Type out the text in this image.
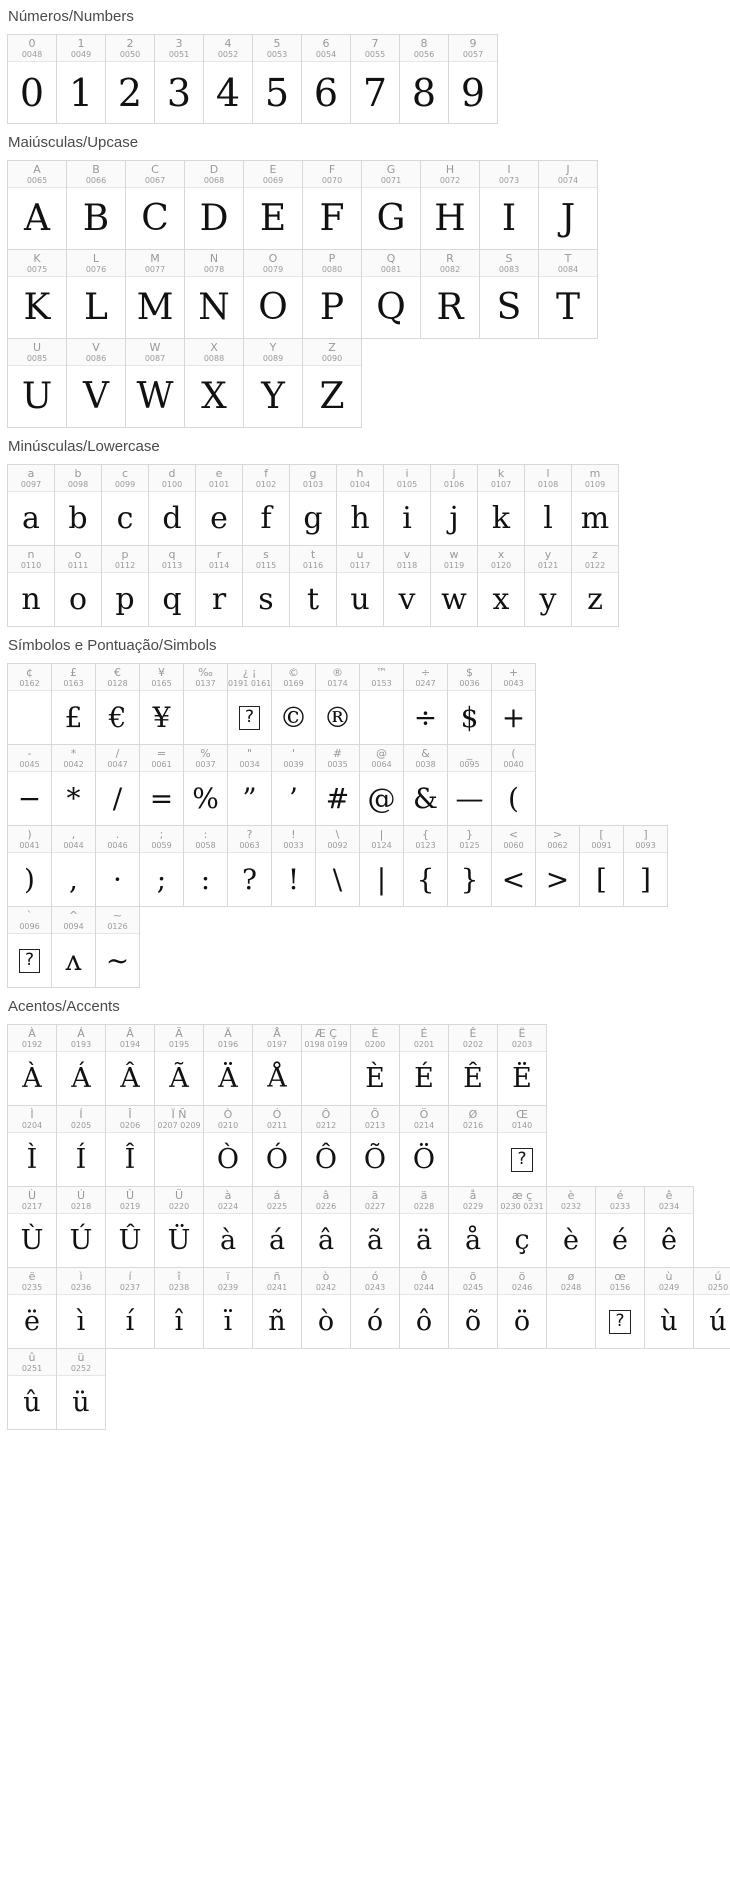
Números/Numbers
0
0048
0
1
0049
1
2
0050
2
3
0051
3
4
0052
4
5
0053
5
6
0054
6
7
0055
7
8
0056
8
9
0057
9
Maiúsculas/Upcase
A
0065
A
B
0066
B
C
0067
C
D
0068
D
E
0069
E
F
0070
F
G
0071
G
H
0072
H
I
0073
I
J
0074
J
K
0075
K
L
0076
L
M
0077
M
N
0078
N
O
0079
O
P
0080
P
Q
0081
Q
R
0082
R
S
0083
S
T
0084
T
U
0085
U
V
0086
V
W
0087
W
X
0088
X
Y
0089
Y
Z
0090
Z
Minúsculas/Lowercase
a
0097
a
b
0098
b
c
0099
c
d
0100
d
e
0101
e
f
0102
f
g
0103
g
h
0104
h
i
0105
i
j
0106
j
k
0107
k
l
0108
l
m
0109
m
n
0110
n
o
0111
o
p
0112
p
q
0113
q
r
0114
r
s
0115
s
t
0116
t
u
0117
u
v
0118
v
w
0119
w
x
0120
x
y
0121
y
z
0122
z
Símbolos e Pontuação/Simbols
¢
0162
£
0163
£
€
0128
€
¥
0165
¥
‰
0137
¿ ¡
0191 0161
?
©
0169
©
®
0174
®
™
0153
÷
0247
÷
$
0036
$
+
0043
+
-
0045
−
*
0042
*
/
0047
/
=
0061
=
%
0037
%
"
0034
”
'
0039
’
#
0035
#
@
0064
@
&
0038
&
_
0095
—
(
0040
(
)
0041
)
,
0044
,
.
0046
·
;
0059
;
:
0058
:
?
0063
?
!
0033
!
\
0092
\
|
0124
|
{
0123
{
}
0125
}
<
0060
<
>
0062
>
[
0091
[
]
0093
]
`
0096
?
^
0094
ʌ
~
0126
~
Acentos/Accents
À
0192
À
Á
0193
Á
Â
0194
Â
Ã
0195
Ã
Ä
0196
Ä
Å
0197
Å
Æ Ç
0198 0199
È
0200
È
É
0201
É
Ê
0202
Ê
Ë
0203
Ë
Ì
0204
Ì
Í
0205
Í
Î
0206
Î
Ï Ñ
0207 0209
Ò
0210
Ò
Ó
0211
Ó
Ô
0212
Ô
Õ
0213
Õ
Ö
0214
Ö
Ø
0216
Œ
0140
?
Ù
0217
Ù
Ú
0218
Ú
Û
0219
Û
Ü
0220
Ü
à
0224
à
á
0225
á
â
0226
â
ã
0227
ã
ä
0228
ä
å
0229
å
æ ç
0230 0231
ç
è
0232
è
é
0233
é
ê
0234
ê
ë
0235
ë
ì
0236
ì
í
0237
í
î
0238
î
ï
0239
ï
ñ
0241
ñ
ò
0242
ò
ó
0243
ó
ô
0244
ô
õ
0245
õ
ö
0246
ö
ø
0248
œ
0156
?
ù
0249
ù
ú
0250
ú
û
0251
û
ü
0252
ü
